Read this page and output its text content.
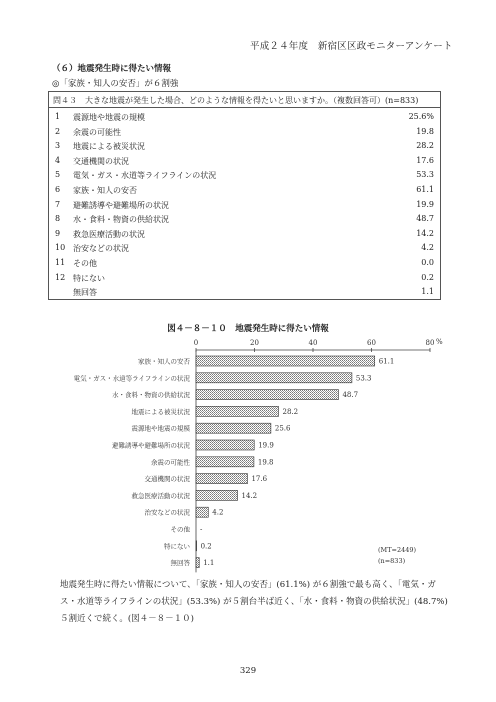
平成２４年度　新宿区区政モニターアンケート
（６）地震発生時に得たい情報
◎「家族・知人の安否」が６割強
問４３　大きな地震が発生した場合、どのような情報を得たいと思いますか。（複数回答可）(n=833)
1	震源地や地震の規模	25.6%
2	余震の可能性	19.8
3	地震による被災状況	28.2
4	交通機関の状況	17.6
5	電気・ガス・水道等ライフラインの状況	53.3
6	家族・知人の安否	61.1
7	避難誘導や避難場所の状況	19.9
8	水・食料・物資の供給状況	48.7
9	救急医療活動の状況	14.2
10 治安などの状況	4.2
11 その他	0.0
12 特にない	0.2
無回答	1.1
図４－８－１０　地震発生時に得たい情報
0	20	40	60	80 %
家族・知人の安否	61.1
電気・ガス・水道等ライフラインの状況	53.3
水・食料・物資の供給状況	48.7
地震による被災状況	28.2
震源地や地震の規模	25.6
避難誘導や避難場所の状況	19.9
余震の可能性	19.8
交通機関の状況	17.6
救急医療活動の状況	14.2
治安などの状況	4.2
その他 -
特にない 0.2
無回答 1.1
(MT=2449)
(n=833)
地震発生時に得たい情報について、「家族・知人の安否」(61.1%) が６割強で最も高く、「電気・ガス・水道等ライフラインの状況」(53.3%) が５割台半ば近く、「水・食料・物資の供給状況」(48.7%) ５割近くで続く。(図４－８－１０)
329
